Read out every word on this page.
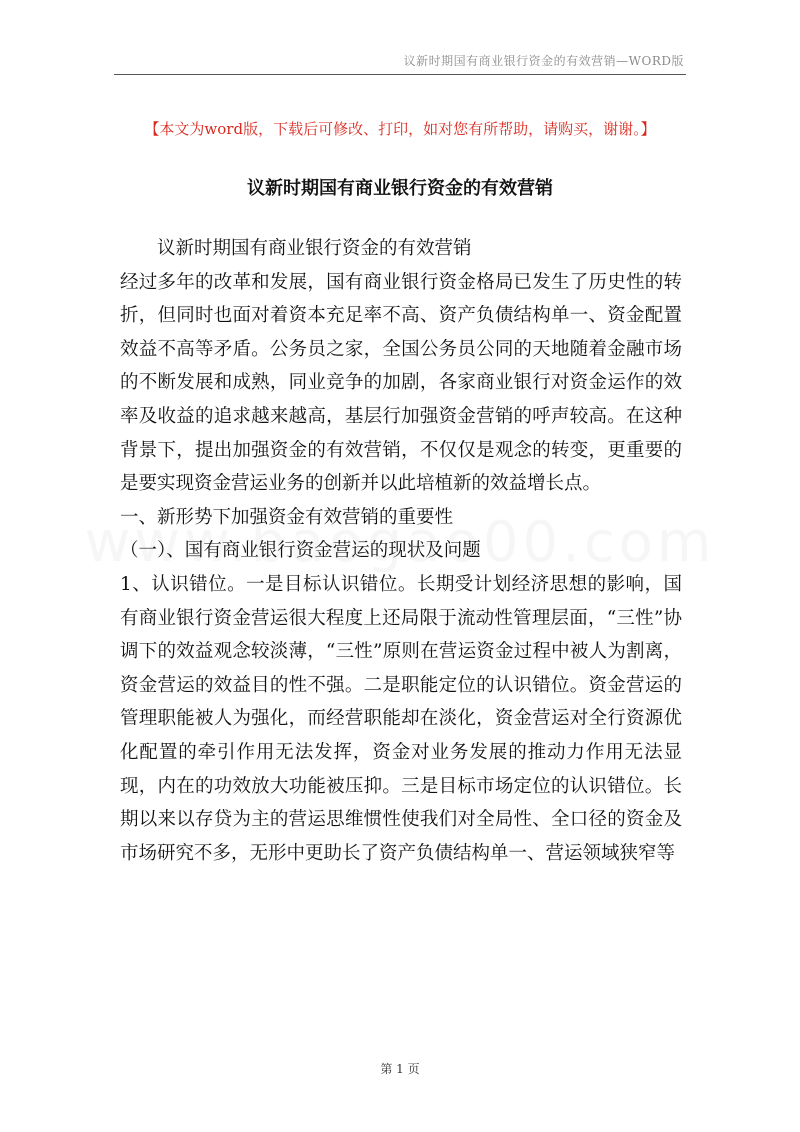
议新时期国有商业银行资金的有效营销—WORD版
【本文为word版，下载后可修改、打印，如对您有所帮助，请购买，谢谢。】
议新时期国有商业银行资金的有效营销

议新时期国有商业银行资金的有效营销

经过多年的改革和发展，国有商业银行资金格局已发生了历史性的转折，但同时也面对着资本充足率不高、资产负债结构单一、资金配置效益不高等矛盾。公务员之家，全国公务员公同的天地随着金融市场的不断发展和成熟，同业竞争的加剧，各家商业银行对资金运作的效率及收益的追求越来越高，基层行加强资金营销的呼声较高。在这种背景下，提出加强资金的有效营销，不仅仅是观念的转变，更重要的是要实现资金营运业务的创新并以此培植新的效益增长点。

一、新形势下加强资金有效营销的重要性

（一）、国有商业银行资金营运的现状及问题

1、认识错位。一是目标认识错位。长期受计划经济思想的影响，国有商业银行资金营运很大程度上还局限于流动性管理层面，“三性”协调下的效益观念较淡薄，“三性”原则在营运资金过程中被人为割离，资金营运的效益目的性不强。二是职能定位的认识错位。资金营运的管理职能被人为强化，而经营职能却在淡化，资金营运对全行资源优化配置的牵引作用无法发挥，资金对业务发展的推动力作用无法显现，内在的功效放大功能被压抑。三是目标市场定位的认识错位。长期以来以存贷为主的营运思维惯性使我们对全局性、全口径的资金及市场研究不多，无形中更助长了资产负债结构单一、营运领域狭窄等

第 1 页
